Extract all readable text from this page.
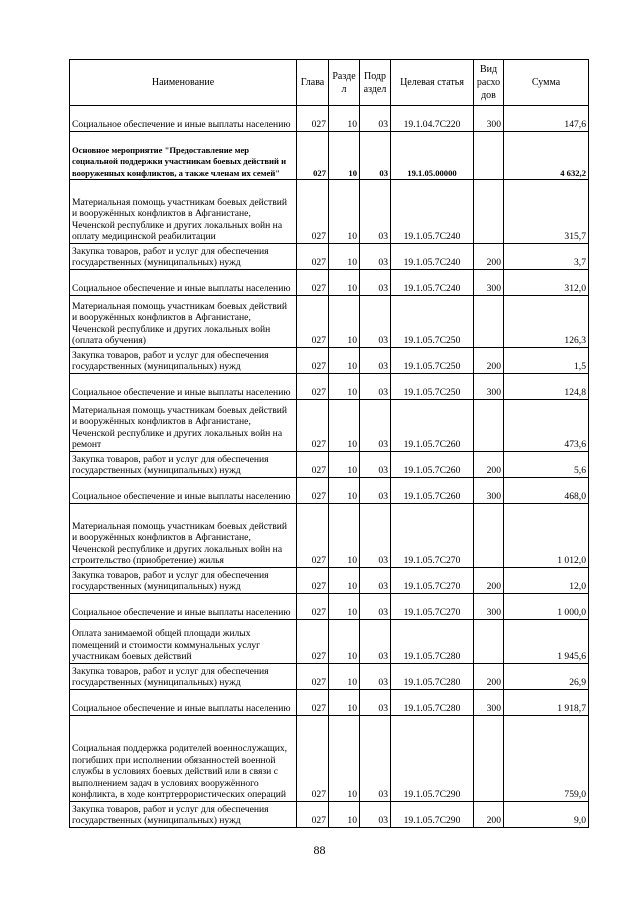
Наименование	Глава	Разде л	Подр аздел	Целевая статья	Вид расхо дов	Сумма
Социальное обеспечение и иные выплаты населению	027	10	03	19.1.04.7С220	300	147,6
Основное мероприятие "Предоставление мер социальной поддержки участникам боевых действий и вооруженных конфликтов, а также членам их семей"	027	10	03	19.1.05.00000		4 632,2
Материальная помощь участникам боевых действий и вооружённых конфликтов в Афганистане, Чеченской республике и других локальных войн на оплату медицинской реабилитации	027	10	03	19.1.05.7С240		315,7
Закупка товаров, работ и услуг для обеспечения государственных (муниципальных) нужд	027	10	03	19.1.05.7С240	200	3,7
Социальное обеспечение и иные выплаты населению	027	10	03	19.1.05.7С240	300	312,0
Материальная помощь участникам боевых действий и вооружённых конфликтов в Афганистане, Чеченской республике и других локальных войн (оплата обучения)	027	10	03	19.1.05.7С250		126,3
Закупка товаров, работ и услуг для обеспечения государственных (муниципальных) нужд	027	10	03	19.1.05.7С250	200	1,5
Социальное обеспечение и иные выплаты населению	027	10	03	19.1.05.7С250	300	124,8
Материальная помощь участникам боевых действий и вооружённых конфликтов в Афганистане, Чеченской республике и других локальных войн на ремонт	027	10	03	19.1.05.7С260		473,6
Закупка товаров, работ и услуг для обеспечения государственных (муниципальных) нужд	027	10	03	19.1.05.7С260	200	5,6
Социальное обеспечение и иные выплаты населению	027	10	03	19.1.05.7С260	300	468,0
Материальная помощь участникам боевых действий и вооружённых конфликтов в Афганистане, Чеченской республике и других локальных войн на строительство (приобретение) жилья	027	10	03	19.1.05.7С270		1 012,0
Закупка товаров, работ и услуг для обеспечения государственных (муниципальных) нужд	027	10	03	19.1.05.7С270	200	12,0
Социальное обеспечение и иные выплаты населению	027	10	03	19.1.05.7С270	300	1 000,0
Оплата занимаемой общей площади жилых помещений и стоимости коммунальных услуг участникам боевых действий	027	10	03	19.1.05.7С280		1 945,6
Закупка товаров, работ и услуг для обеспечения государственных (муниципальных) нужд	027	10	03	19.1.05.7С280	200	26,9
Социальное обеспечение и иные выплаты населению	027	10	03	19.1.05.7С280	300	1 918,7
Социальная поддержка родителей военнослужащих, погибших при исполнении обязанностей военной службы в условиях боевых действий или в связи с выполнением задач в условиях вооружённого конфликта, в ходе контртеррористических операций	027	10	03	19.1.05.7С290		759,0
Закупка товаров, работ и услуг для обеспечения государственных (муниципальных) нужд	027	10	03	19.1.05.7С290	200	9,0
88
